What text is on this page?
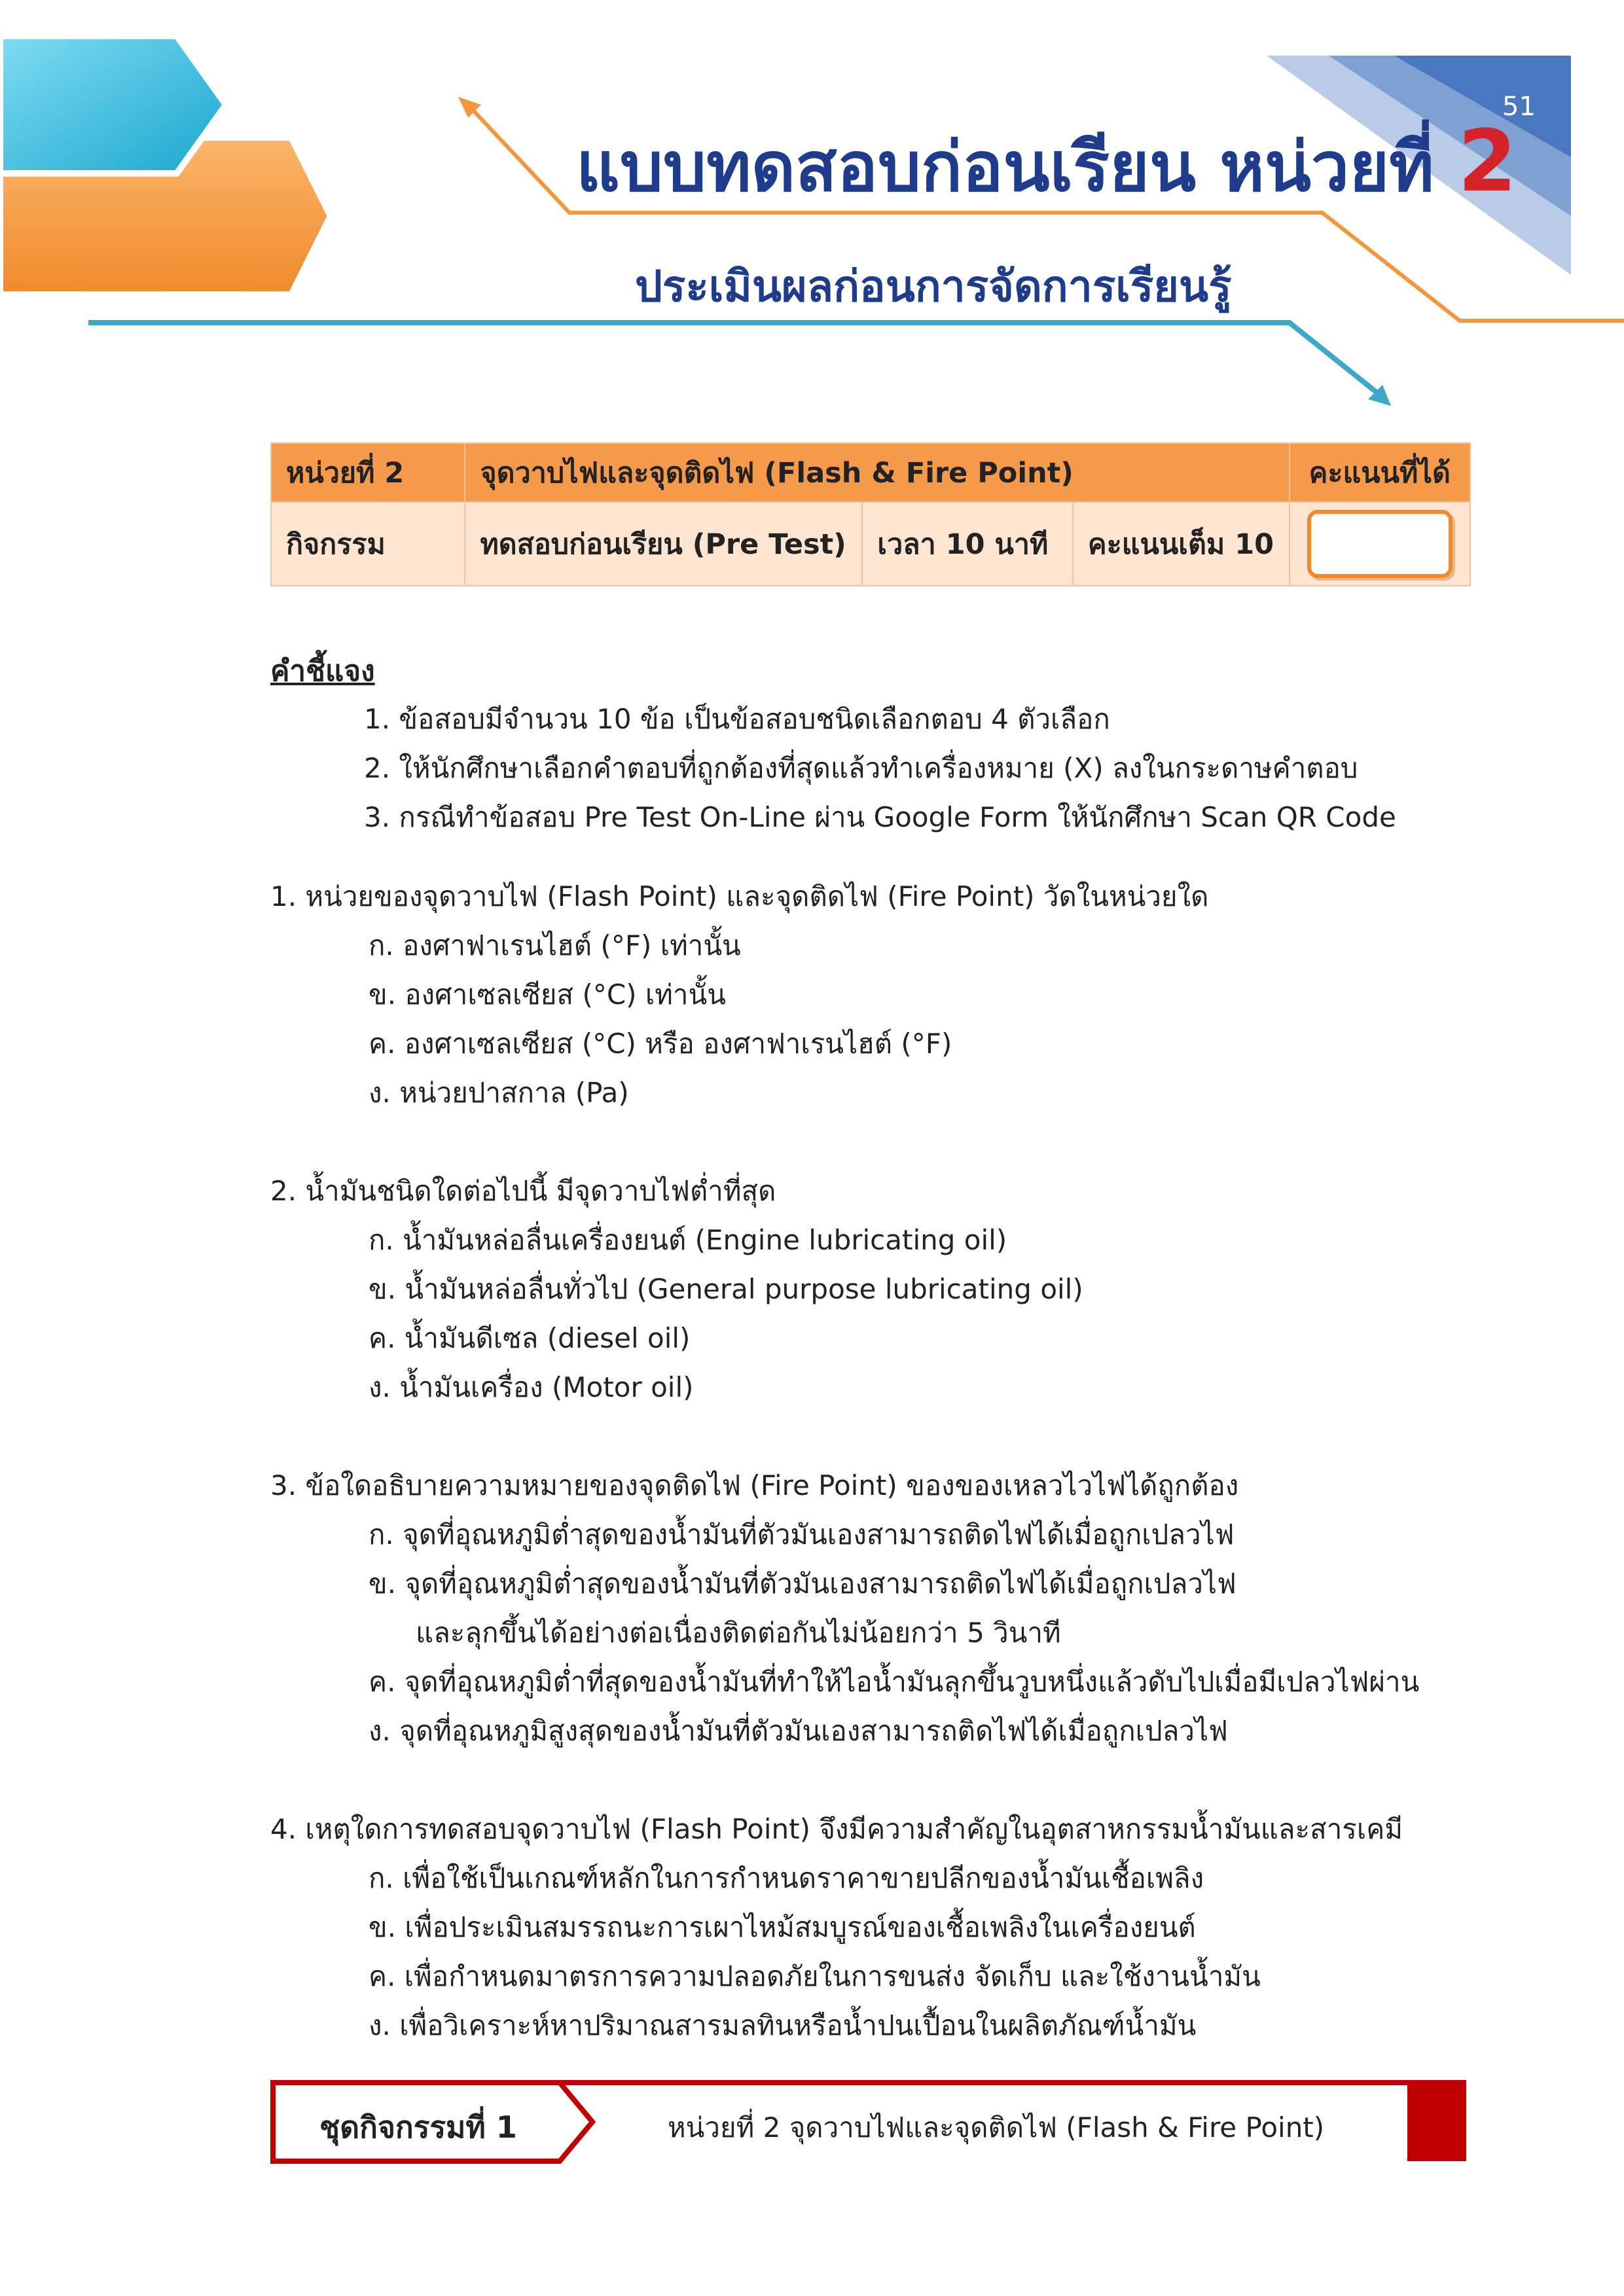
51
แบบทดสอบก่อนเรียน หน่วยที่ 2
ประเมินผลก่อนการจัดการเรียนรู้
หน่วยที่ 2	จุดวาบไฟและจุดติดไฟ (Flash & Fire Point)			คะแนนที่ได้
กิจกรรม	ทดสอบก่อนเรียน (Pre Test)	เวลา 10 นาที	คะแนนเต็ม 10	
คำชี้แจง
1. ข้อสอบมีจำนวน 10 ข้อ เป็นข้อสอบชนิดเลือกตอบ 4 ตัวเลือก
2. ให้นักศึกษาเลือกคำตอบที่ถูกต้องที่สุดแล้วทำเครื่องหมาย (X) ลงในกระดาษคำตอบ
3. กรณีทำข้อสอบ Pre Test On-Line ผ่าน Google Form ให้นักศึกษา Scan QR Code
1. หน่วยของจุดวาบไฟ (Flash Point) และจุดติดไฟ (Fire Point) วัดในหน่วยใด
ก. องศาฟาเรนไฮต์ (°F) เท่านั้น
ข. องศาเซลเซียส (°C) เท่านั้น
ค. องศาเซลเซียส (°C) หรือ องศาฟาเรนไฮต์ (°F)
ง. หน่วยปาสกาล (Pa)
2. น้ำมันชนิดใดต่อไปนี้ มีจุดวาบไฟต่ำที่สุด
ก. น้ำมันหล่อลื่นเครื่องยนต์ (Engine lubricating oil)
ข. น้ำมันหล่อลื่นทั่วไป (General purpose lubricating oil)
ค. น้ำมันดีเซล (diesel oil)
ง. น้ำมันเครื่อง (Motor oil)
3. ข้อใดอธิบายความหมายของจุดติดไฟ (Fire Point) ของของเหลวไวไฟได้ถูกต้อง
ก. จุดที่อุณหภูมิต่ำสุดของน้ำมันที่ตัวมันเองสามารถติดไฟได้เมื่อถูกเปลวไฟ
ข. จุดที่อุณหภูมิต่ำสุดของน้ำมันที่ตัวมันเองสามารถติดไฟได้เมื่อถูกเปลวไฟ
และลุกขึ้นได้อย่างต่อเนื่องติดต่อกันไม่น้อยกว่า 5 วินาที
ค. จุดที่อุณหภูมิต่ำที่สุดของน้ำมันที่ทำให้ไอน้ำมันลุกขึ้นวูบหนึ่งแล้วดับไปเมื่อมีเปลวไฟผ่าน
ง. จุดที่อุณหภูมิสูงสุดของน้ำมันที่ตัวมันเองสามารถติดไฟได้เมื่อถูกเปลวไฟ
4. เหตุใดการทดสอบจุดวาบไฟ (Flash Point) จึงมีความสำคัญในอุตสาหกรรมน้ำมันและสารเคมี
ก. เพื่อใช้เป็นเกณฑ์หลักในการกำหนดราคาขายปลีกของน้ำมันเชื้อเพลิง
ข. เพื่อประเมินสมรรถนะการเผาไหม้สมบูรณ์ของเชื้อเพลิงในเครื่องยนต์
ค. เพื่อกำหนดมาตรการความปลอดภัยในการขนส่ง จัดเก็บ และใช้งานน้ำมัน
ง. เพื่อวิเคราะห์หาปริมาณสารมลทินหรือน้ำปนเปื้อนในผลิตภัณฑ์น้ำมัน
ชุดกิจกรรมที่ 1	หน่วยที่ 2 จุดวาบไฟและจุดติดไฟ (Flash & Fire Point)
